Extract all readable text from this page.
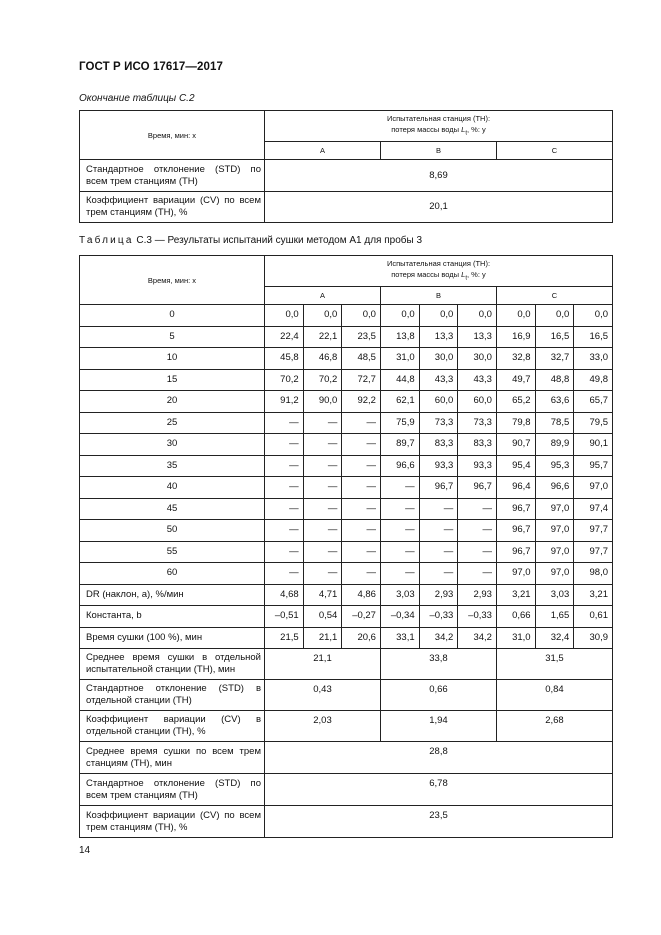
ГОСТ Р ИСО 17617—2017
Окончание таблицы С.2
Время, мин: x	Испытательная станция (ТН):
потеря массы воды $L_t$, %: y		
	A	B	C
Стандартное отклонение (STD) по всем трем станциям (ТН)	8,69		
Коэффициент вариации (CV) по всем трем станциям (ТН), %	20,1		
Таблица С.3 — Результаты испытаний сушки методом А1 для пробы 3
Время, мин: x	Испытательная станция (ТН):
потеря массы воды $L_t$, %: y								
	A			B			C		
0	0,0	0,0	0,0	0,0	0,0	0,0	0,0	0,0	0,0
5	22,4	22,1	23,5	13,8	13,3	13,3	16,9	16,5	16,5
10	45,8	46,8	48,5	31,0	30,0	30,0	32,8	32,7	33,0
15	70,2	70,2	72,7	44,8	43,3	43,3	49,7	48,8	49,8
20	91,2	90,0	92,2	62,1	60,0	60,0	65,2	63,6	65,7
25	—	—	—	75,9	73,3	73,3	79,8	78,5	79,5
30	—	—	—	89,7	83,3	83,3	90,7	89,9	90,1
35	—	—	—	96,6	93,3	93,3	95,4	95,3	95,7
40	—	—	—	—	96,7	96,7	96,4	96,6	97,0
45	—	—	—	—	—	—	96,7	97,0	97,4
50	—	—	—	—	—	—	96,7	97,0	97,7
55	—	—	—	—	—	—	96,7	97,0	97,7
60	—	—	—	—	—	—	97,0	97,0	98,0
DR (наклон, а), %/мин	4,68	4,71	4,86	3,03	2,93	2,93	3,21	3,03	3,21
Константа, b	–0,51	0,54	–0,27	–0,34	–0,33	–0,33	0,66	1,65	0,61
Время сушки (100 %), мин	21,5	21,1	20,6	33,1	34,2	34,2	31,0	32,4	30,9
Среднее время сушки в отдельной испытательной станции (ТН), мин	21,1			33,8			31,5		
Стандартное отклонение (STD) в отдельной станции (ТН)	0,43			0,66			0,84		
Коэффициент вариации (CV) в отдельной станции (ТН), %	2,03			1,94			2,68		
Среднее время сушки по всем трем станциям (ТН), мин	28,8								
Стандартное отклонение (STD) по всем трем станциям (ТН)	6,78								
Коэффициент вариации (CV) по всем трем станциям (ТН), %	23,5								
14
